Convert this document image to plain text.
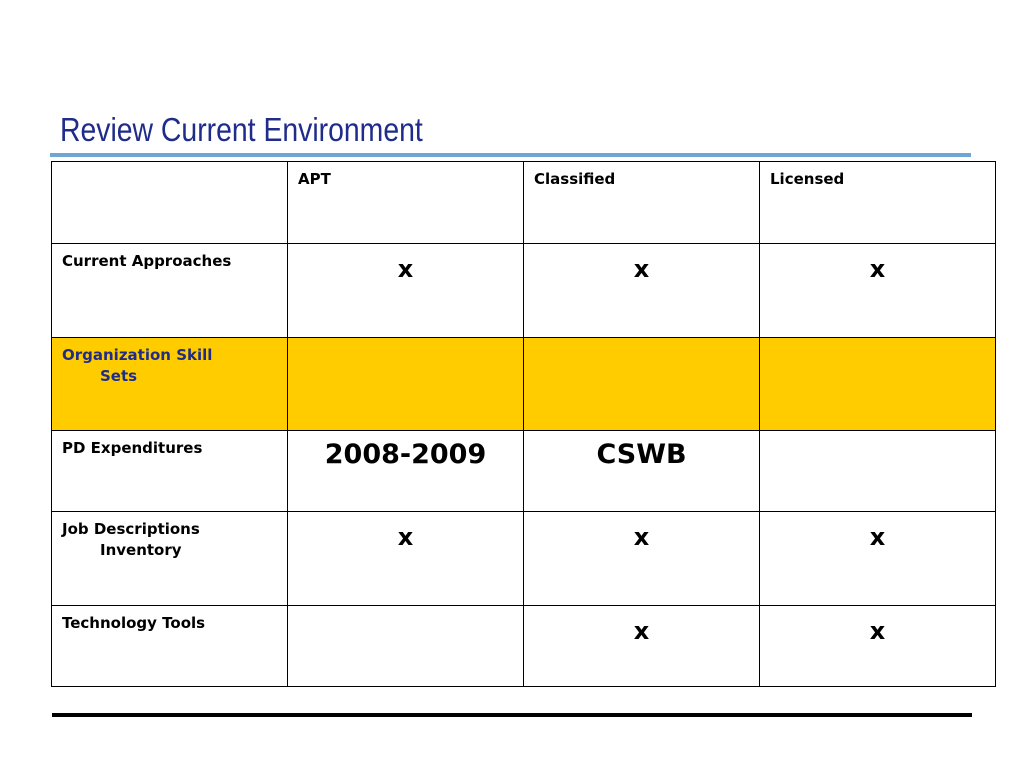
Review Current Environment

	APT	Classified	Licensed

Current Approaches	x	x	x

Organization Skill
Sets			

PD Expenditures	2008-2009	CSWB	

Job Descriptions
Inventory	x	x	x

Technology Tools		x	x
